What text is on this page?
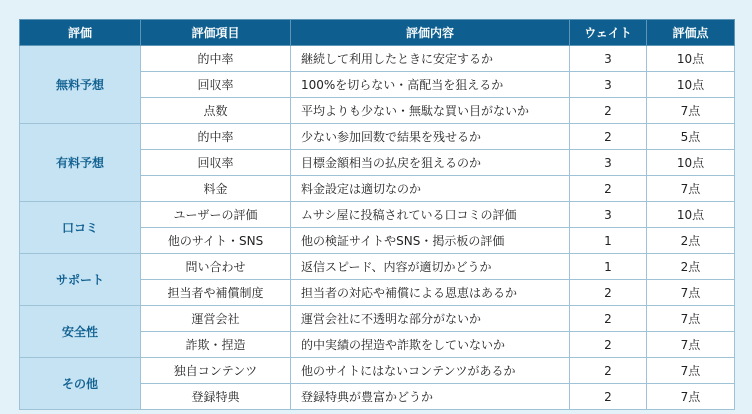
評価	評価項目	評価内容	ウェイト	評価点
無料予想	的中率	継続して利用したときに安定するか	3	10点
	回収率	100%を切らない・高配当を狙えるか	3	10点
	点数	平均よりも少ない・無駄な買い目がないか	2	7点
有料予想	的中率	少ない参加回数で結果を残せるか	2	5点
	回収率	目標金額相当の払戻を狙えるのか	3	10点
	料金	料金設定は適切なのか	2	7点
口コミ	ユーザーの評価	ムサシ屋に投稿されている口コミの評価	3	10点
	他のサイト・SNS	他の検証サイトやSNS・掲示板の評価	1	2点
サポート	問い合わせ	返信スピード、内容が適切かどうか	1	2点
	担当者や補償制度	担当者の対応や補償による恩恵はあるか	2	7点
安全性	運営会社	運営会社に不透明な部分がないか	2	7点
	詐欺・捏造	的中実績の捏造や詐欺をしていないか	2	7点
その他	独自コンテンツ	他のサイトにはないコンテンツがあるか	2	7点
	登録特典	登録特典が豊富かどうか	2	7点
